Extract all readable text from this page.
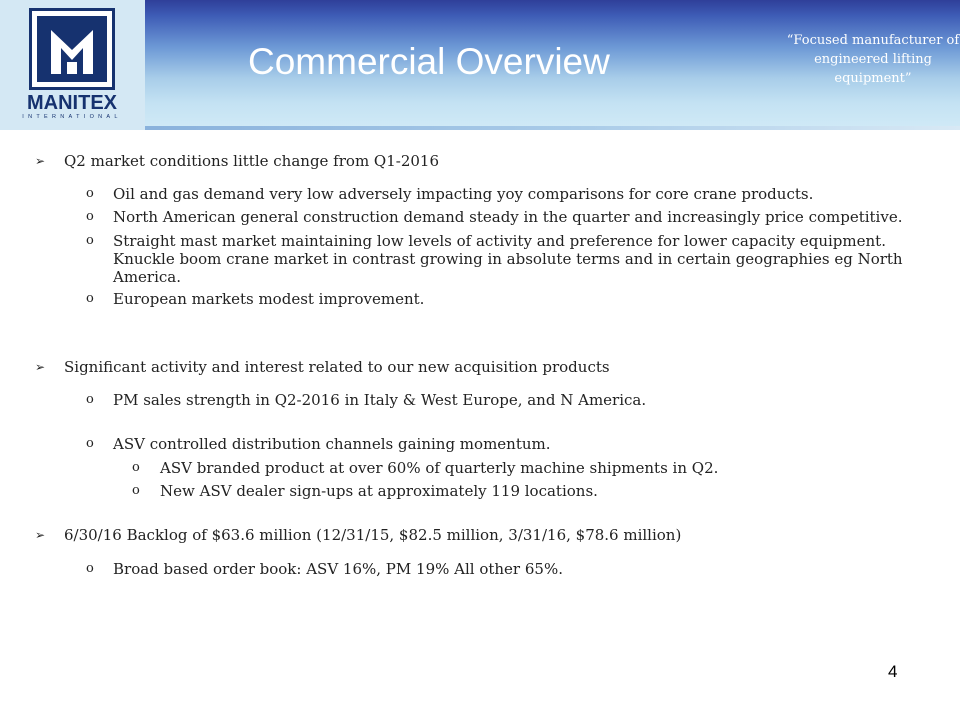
MANITEX
INTERNATIONAL
Commercial Overview
“Focused manufacturer of engineered lifting equipment”
➢ Q2 market conditions little change from Q1-2016
o Oil and gas demand very low adversely impacting yoy comparisons for core crane products.
o North American general construction demand steady in the quarter and increasingly price competitive.
o Straight mast market maintaining low levels of activity and preference for lower capacity equipment. Knuckle boom crane market in contrast growing in absolute terms and in certain geographies eg North America.
o European markets modest improvement.
➢ Significant activity and interest related to our new acquisition products
o PM sales strength in Q2-2016 in Italy & West Europe, and N America.
o ASV controlled distribution channels gaining momentum.
o ASV branded product at over 60% of quarterly machine shipments in Q2.
o New ASV dealer sign-ups at approximately 119 locations.
➢ 6/30/16 Backlog of $63.6 million (12/31/15, $82.5 million, 3/31/16, $78.6 million)
o Broad based order book: ASV 16%, PM 19% All other 65%.
4
